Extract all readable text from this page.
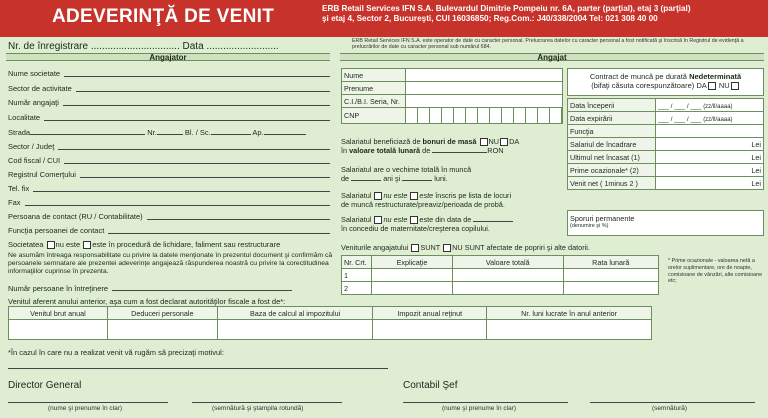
ADEVERINŢĂ DE VENIT	ERB Retail Services IFN S.A. Bulevardul Dimitrie Pompeiu nr. 6A, parter (parţial), etaj 3 (parţial)
şi etaj 4, Sector 2, Bucureşti, CUI 16036850; Reg.Com.: J40/338/2004 Tel: 021 308 40 00
ERB Retail Services IFN S.A. este operator de date cu caracter personal. Prelucrarea datelor cu caracter personal a fost notificată şi înscrisă în Registrul de evidenţă a prelucrărilor de date cu caracter personal sub numărul 684.
Nr. de înregistrare ................................ Data ..........................
Angajator
Nume societate
Sector de activitate
Număr angajaţi
Localitate
Strada	Nr.	Bl. / Sc.	Ap.
Sector / Judeţ
Cod fiscal / CUI
Registrul Comerţului
Tel. fix
Fax
Persoana de contact (RU / Contabilitate)
Funcţia persoanei de contact
Societatea nu este este în procedură de lichidare, faliment sau restructurare
Ne asumăm întreaga responsabilitate cu privire la datele menţionate în prezentul document şi confirmăm că persoanele semnatare ale prezentei adeverinţe angajează răspunderea noastră cu privire la corectitudinea informaţiilor cuprinse în prezenta.
Număr persoane în întreţinere
Venitul aferent anului anterior, aşa cum a fost declarat autorităţilor fiscale a fost de*:
Venitul brut anual	Deduceri personale	Baza de calcul al impozitului	Impozit anual reţinut	Nr. luni lucrate în anul anterior

*În cazul în care nu a realizat venit vă rugăm să precizaţi motivul:
Director General
(nume şi prenume în clar)	(semnătură şi ştampila rotundă)
Contabil Şef
(nume şi prenume în clar)	(semnătură)
Angajat
Nume	
Prenume	
C.I./B.I. Seria, Nr.	
CNP	
Salariatul beneficiază de bonuri de masă NU DA
în valoare totală lunară de	RON
Salariatul are o vechime totală în muncă
de	ani şi	luni.
Salariatul nu este este înscris pe lista de locuri
de muncă restructurate/preaviz/perioada de probă.
Salariatul nu este este din data de
în concediu de maternitate/creşterea copilului.
Veniturile angajatului SUNT NU SUNT afectate de popriri şi alte datorii.
Nr. Crt.	Explicaţie	Valoare totală	Rata lunară
1			
2			
Contract de muncă pe durată Nedeterminată
(bifaţi căsuta corespunzătoare) DA NU
Data începerii	___ / ___ / ___ (zz/ll/aaaa)
Data expirării	___ / ___ / ___ (zz/ll/aaaa)
Funcţia	
Salariul de încadrare	Lei
Ultimul net încasat (1)	Lei
Prime ocazionale* (2)	Lei
Venit net ( 1minus 2 )	Lei
Sporuri permanente
(denumire şi %)
* Prime ocazionale - valoarea netă a orelor suplimentare, ore de noapte, comisioane de vânzări, alte comisioane etc;
